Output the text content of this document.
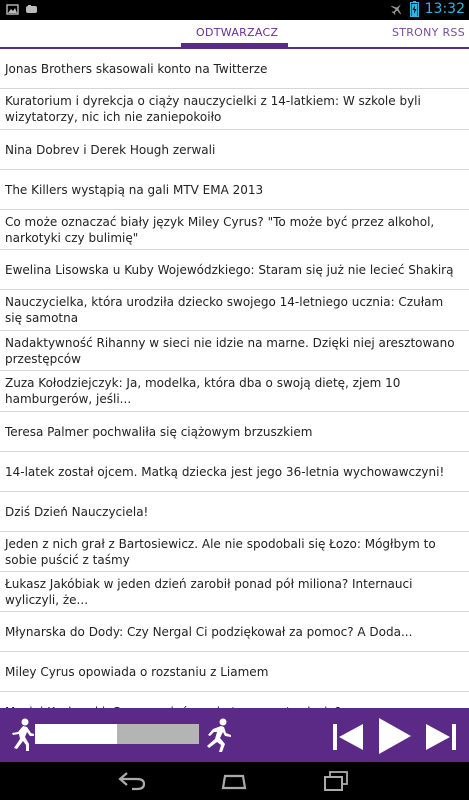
13:32
ODTWARZACZ	STRONY RSS
Jonas Brothers skasowali konto na Twitterze
Kuratorium i dyrekcja o ciąży nauczycielki z 14-latkiem: W szkole byli wizytatorzy, nic ich nie zaniepokoiło
Nina Dobrev i Derek Hough zerwali
The Killers wystąpią na gali MTV EMA 2013
Co może oznaczać biały język Miley Cyrus? "To może być przez alkohol, narkotyki czy bulimię"
Ewelina Lisowska u Kuby Wojewódzkiego: Staram się już nie lecieć Shakirą
Nauczycielka, która urodziła dziecko swojego 14-letniego ucznia: Czułam się samotna
Nadaktywność Rihanny w sieci nie idzie na marne. Dzięki niej aresztowano przestępców
Zuza Kołodziejczyk: Ja, modelka, która dba o swoją dietę, zjem 10 hamburgerów, jeśli...
Teresa Palmer pochwaliła się ciążowym brzuszkiem
14-latek został ojcem. Matką dziecka jest jego 36-letnia wychowawczyni!
Dziś Dzień Nauczyciela!
Jeden z nich grał z Bartosiewicz. Ale nie spodobali się Łozo: Mógłbym to sobie puścić z taśmy
Łukasz Jakóbiak w jeden dzień zarobił ponad pół miliona? Internauci wyliczyli, że...
Młynarska do Dody: Czy Nergal Ci podziękował za pomoc? A Doda...
Miley Cyrus opowiada o rozstaniu z Liamem
